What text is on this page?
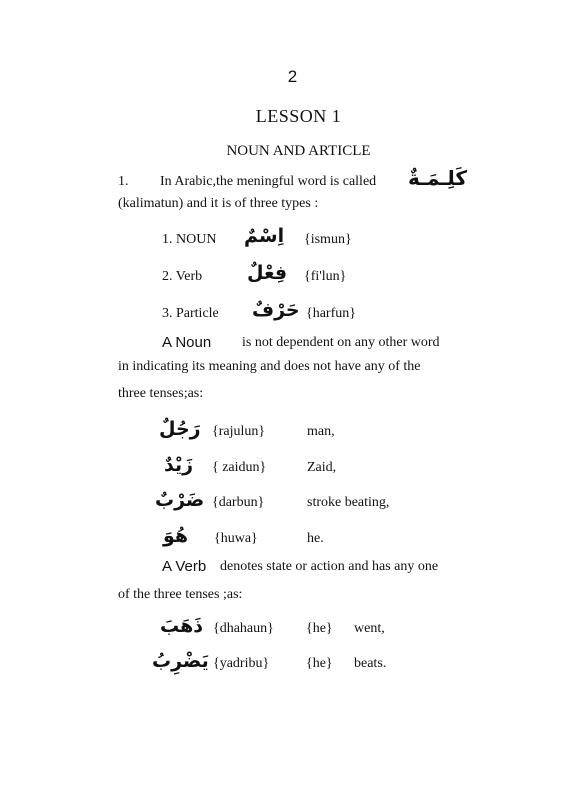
2
LESSON 1
NOUN AND ARTICLE
1. In Arabic,the meningful word is called كَلِـمَـةٌ
(kalimatun) and it is of three types :
1. NOUN اِسْمٌ {ismun}
2. Verb فِعْلٌ {fi'lun}
3. Particle حَرْفٌ {harfun}
A Noun is not dependent on any other word
in indicating its meaning and does not have any of the
three tenses;as:
رَجُلٌ {rajulun}	man,
زَيْدٌ { zaidun}	Zaid,
ضَرْبٌ {darbun}	stroke beating,
هُوَ {huwa}	he.
A Verb denotes state or action and has any one
of the three tenses ;as:
ذَهَبَ {dhahaun} {he} went,
يَضْرِبُ {yadribu}	{he} beats.
